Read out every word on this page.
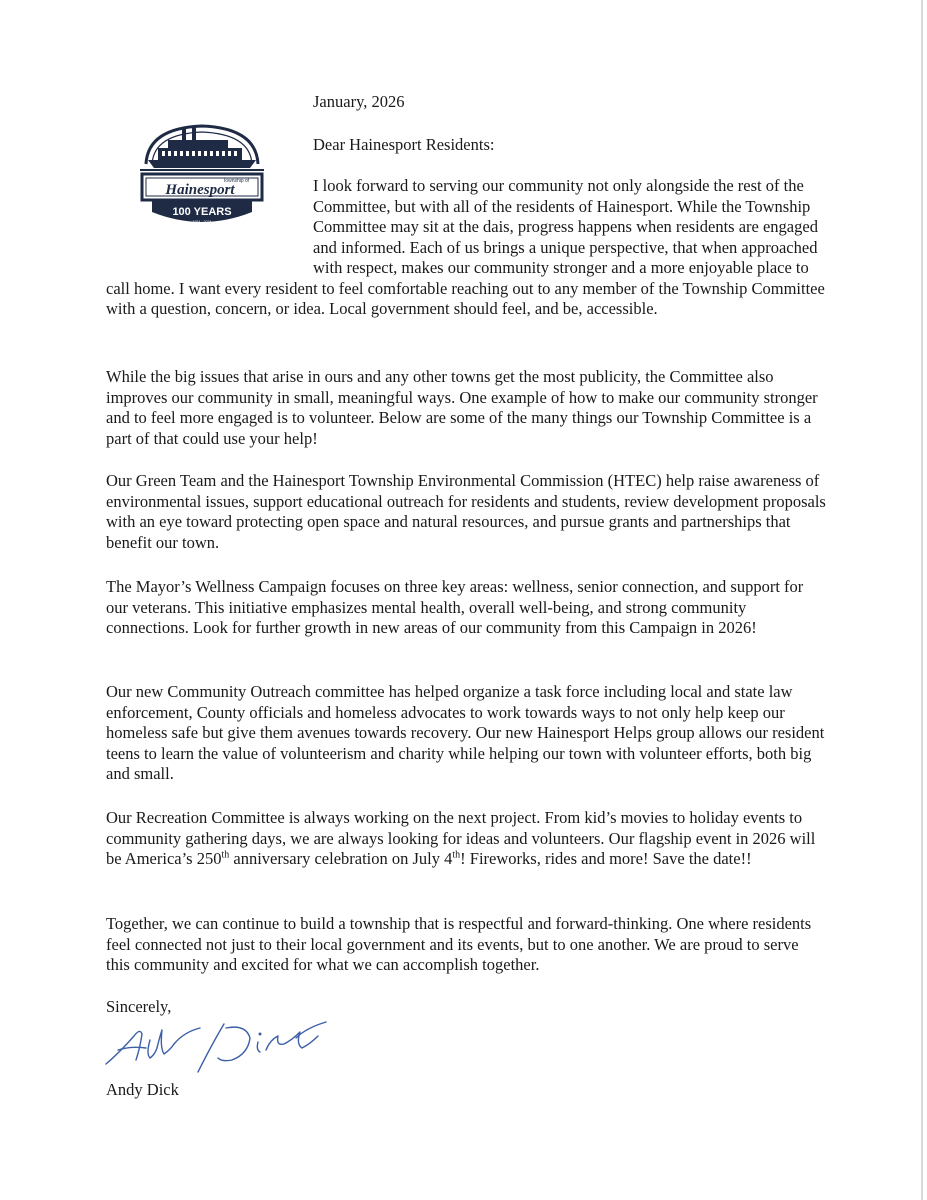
Township of
Hainesport
100 YEARS
1924 · 2024
January, 2026
Dear Hainesport Residents:

I look forward to serving our community not only alongside the rest of the Committee, but with all of the residents of Hainesport. While the Township Committee may sit at the dais, progress happens when residents are engaged and informed. Each of us brings a unique perspective, that when approached with respect, makes our community stronger and a more enjoyable place to call home. I want every resident to feel comfortable reaching out to any member of the Township Committee with a question, concern, or idea. Local government should feel, and be, accessible.

While the big issues that arise in ours and any other towns get the most publicity, the Committee also improves our community in small, meaningful ways. One example of how to make our community stronger and to feel more engaged is to volunteer. Below are some of the many things our Township Committee is a part of that could use your help!

Our Green Team and the Hainesport Township Environmental Commission (HTEC) help raise awareness of environmental issues, support educational outreach for residents and students, review development proposals with an eye toward protecting open space and natural resources, and pursue grants and partnerships that benefit our town.

The Mayor’s Wellness Campaign focuses on three key areas: wellness, senior connection, and support for our veterans. This initiative emphasizes mental health, overall well-being, and strong community connections. Look for further growth in new areas of our community from this Campaign in 2026!

Our new Community Outreach committee has helped organize a task force including local and state law enforcement, County officials and homeless advocates to work towards ways to not only help keep our homeless safe but give them avenues towards recovery. Our new Hainesport Helps group allows our resident teens to learn the value of volunteerism and charity while helping our town with volunteer efforts, both big and small.

Our Recreation Committee is always working on the next project. From kid’s movies to holiday events to community gathering days, we are always looking for ideas and volunteers. Our flagship event in 2026 will be America’s 250th anniversary celebration on July 4th! Fireworks, rides and more! Save the date!!

Together, we can continue to build a township that is respectful and forward-thinking. One where residents feel connected not just to their local government and its events, but to one another. We are proud to serve this community and excited for what we can accomplish together.

Sincerely,
Andy Dick
